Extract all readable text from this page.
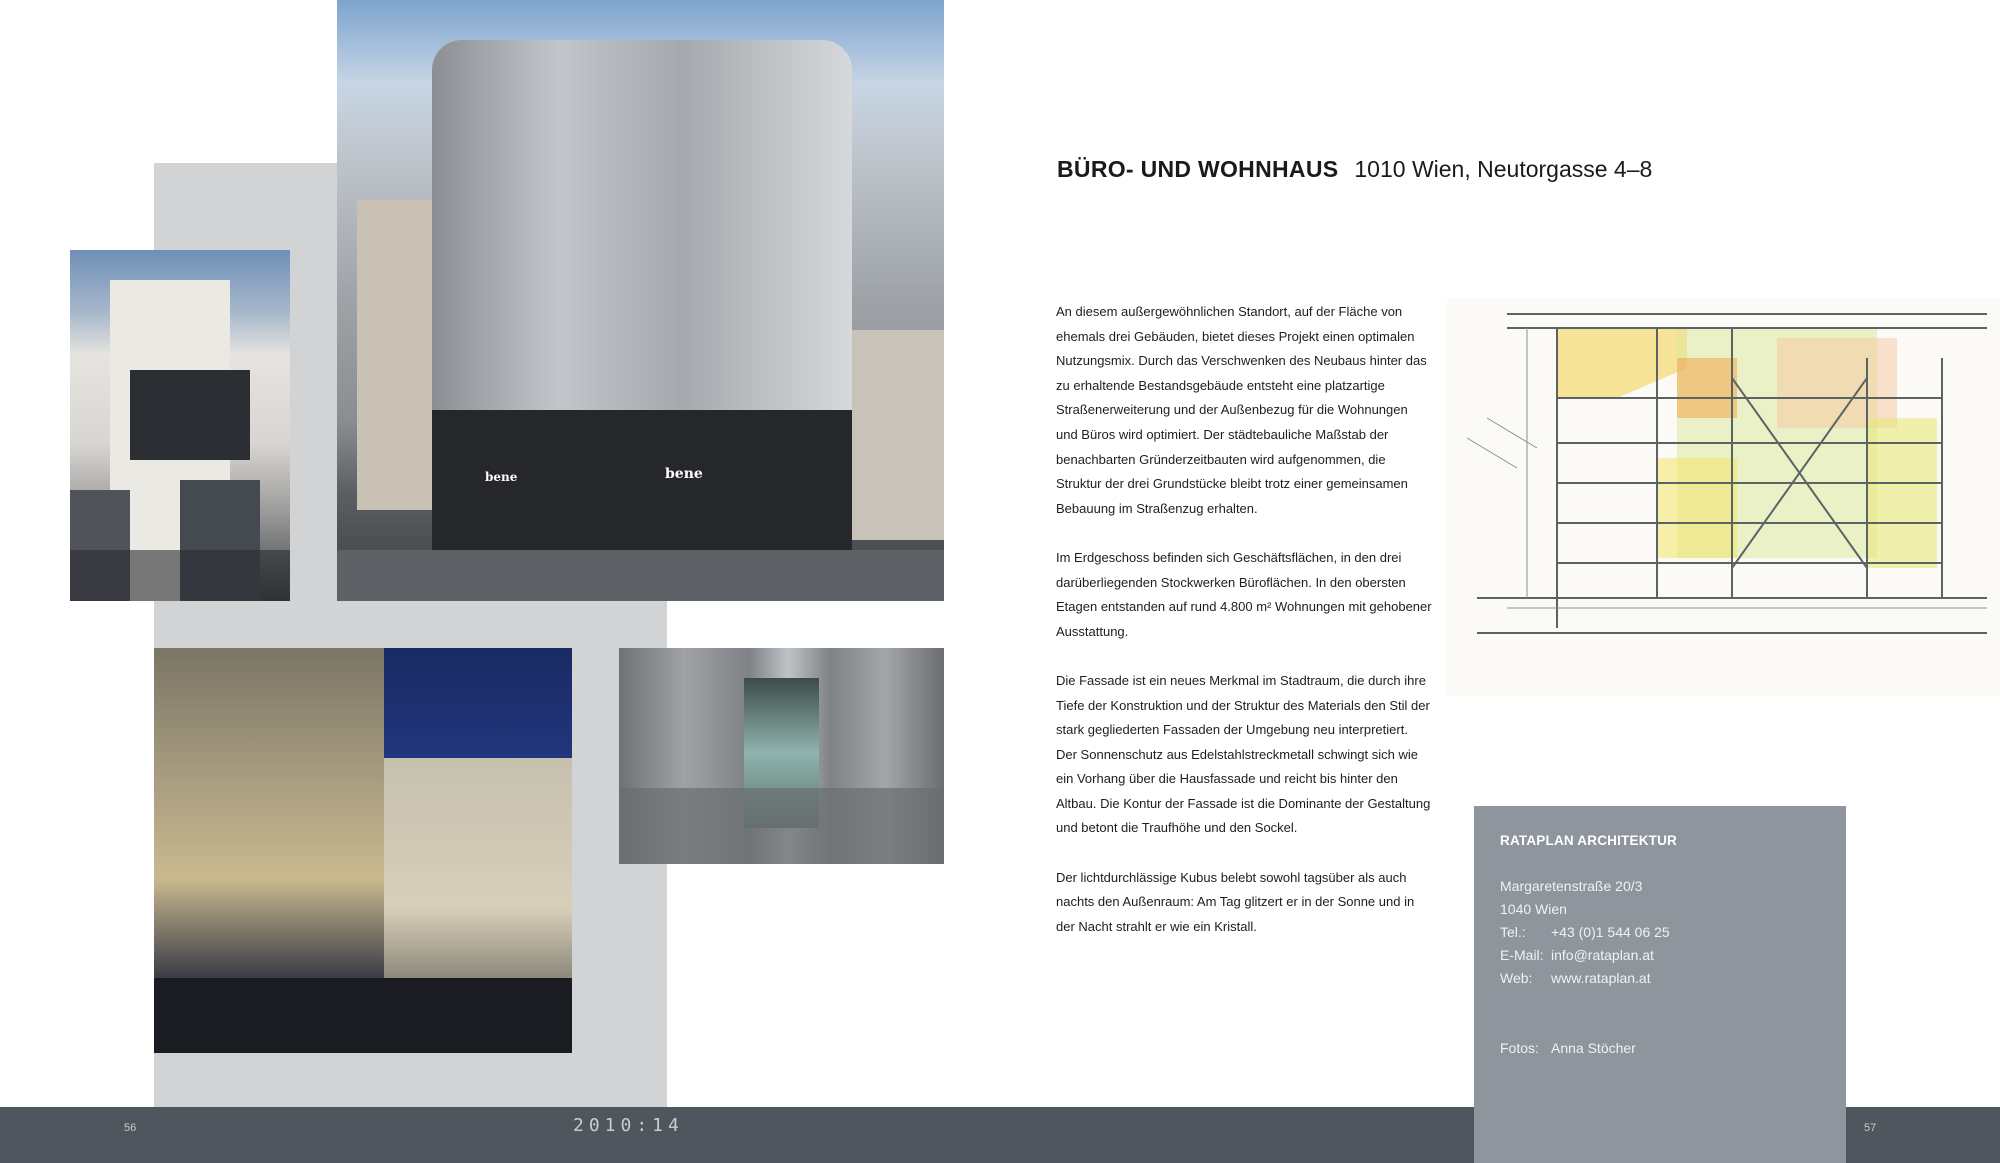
bene	bene
BÜRO- UND WOHNHAUS 1010 Wien, Neutorgasse 4–8

An diesem außergewöhnlichen Standort, auf der Fläche von ehemals drei Gebäuden, bietet dieses Projekt einen optimalen Nutzungsmix. Durch das Verschwenken des Neubaus hinter das zu erhaltende Bestandsgebäude entsteht eine platzartige Straßenerweiterung und der Außenbezug für die Wohnungen und Büros wird optimiert. Der städtebauliche Maßstab der benachbarten Gründerzeitbauten wird aufgenommen, die Struktur der drei Grundstücke bleibt trotz einer gemeinsamen Bebauung im Straßenzug erhalten.

Im Erdgeschoss befinden sich Geschäftsflächen, in den drei darüberliegenden Stockwerken Büroflächen. In den obersten Etagen entstanden auf rund 4.800 m² Wohnungen mit gehobener Ausstattung.

Die Fassade ist ein neues Merkmal im Stadtraum, die durch ihre Tiefe der Konstruktion und der Struktur des Materials den Stil der stark gegliederten Fassaden der Umgebung neu interpretiert. Der Sonnenschutz aus Edelstahlstreckmetall schwingt sich wie ein Vorhang über die Hausfassade und reicht bis hinter den Altbau. Die Kontur der Fassade ist die Dominante der Gestaltung und betont die Traufhöhe und den Sockel.

Der lichtdurchlässige Kubus belebt sowohl tagsüber als auch nachts den Außenraum: Am Tag glitzert er in der Sonne und in der Nacht strahlt er wie ein Kristall.

RATAPLAN ARCHITEKTUR
Margaretenstraße 20/3
1040 Wien
Tel.: +43 (0)1 544 06 25
E-Mail: info@rataplan.at
Web: www.rataplan.at
Fotos: Anna Stöcher
56	2010:14	57
